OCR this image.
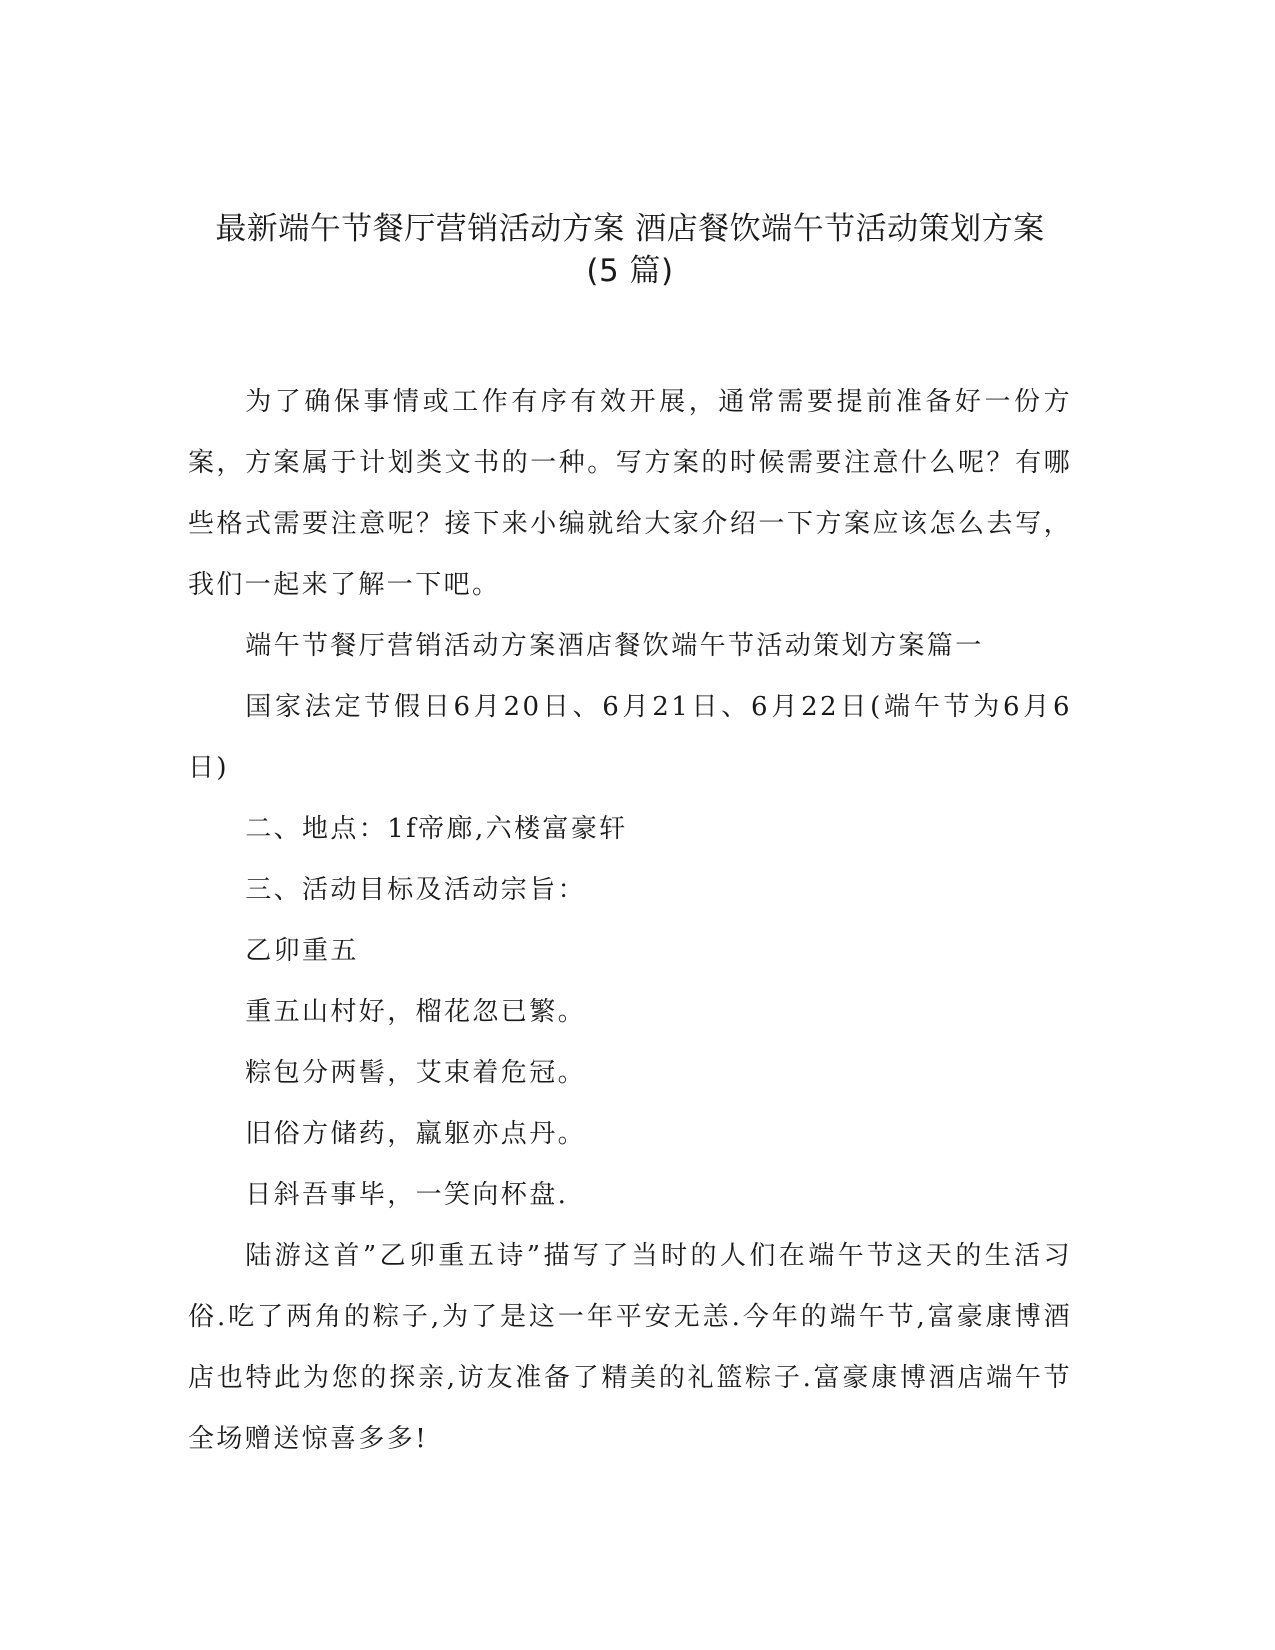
最新端午节餐厅营销活动方案 酒店餐饮端午节活动策划方案
(5 篇)

为了确保事情或工作有序有效开展，通常需要提前准备好一份方案，方案属于计划类文书的一种。写方案的时候需要注意什么呢？有哪些格式需要注意呢？接下来小编就给大家介绍一下方案应该怎么去写，我们一起来了解一下吧。

端午节餐厅营销活动方案酒店餐饮端午节活动策划方案篇一

国家法定节假日6月20日、6月21日、6月22日(端午节为6月6日)

二、地点：1f帝廊,六楼富豪轩

三、活动目标及活动宗旨：

乙卯重五

重五山村好，榴花忽已繁。

粽包分两髻，艾束着危冠。

旧俗方储药，羸躯亦点丹。

日斜吾事毕，一笑向杯盘.

陆游这首”乙卯重五诗”描写了当时的人们在端午节这天的生活习俗.吃了两角的粽子,为了是这一年平安无恙.今年的端午节,富豪康博酒店也特此为您的探亲,访友准备了精美的礼篮粽子.富豪康博酒店端午节全场赠送惊喜多多!
